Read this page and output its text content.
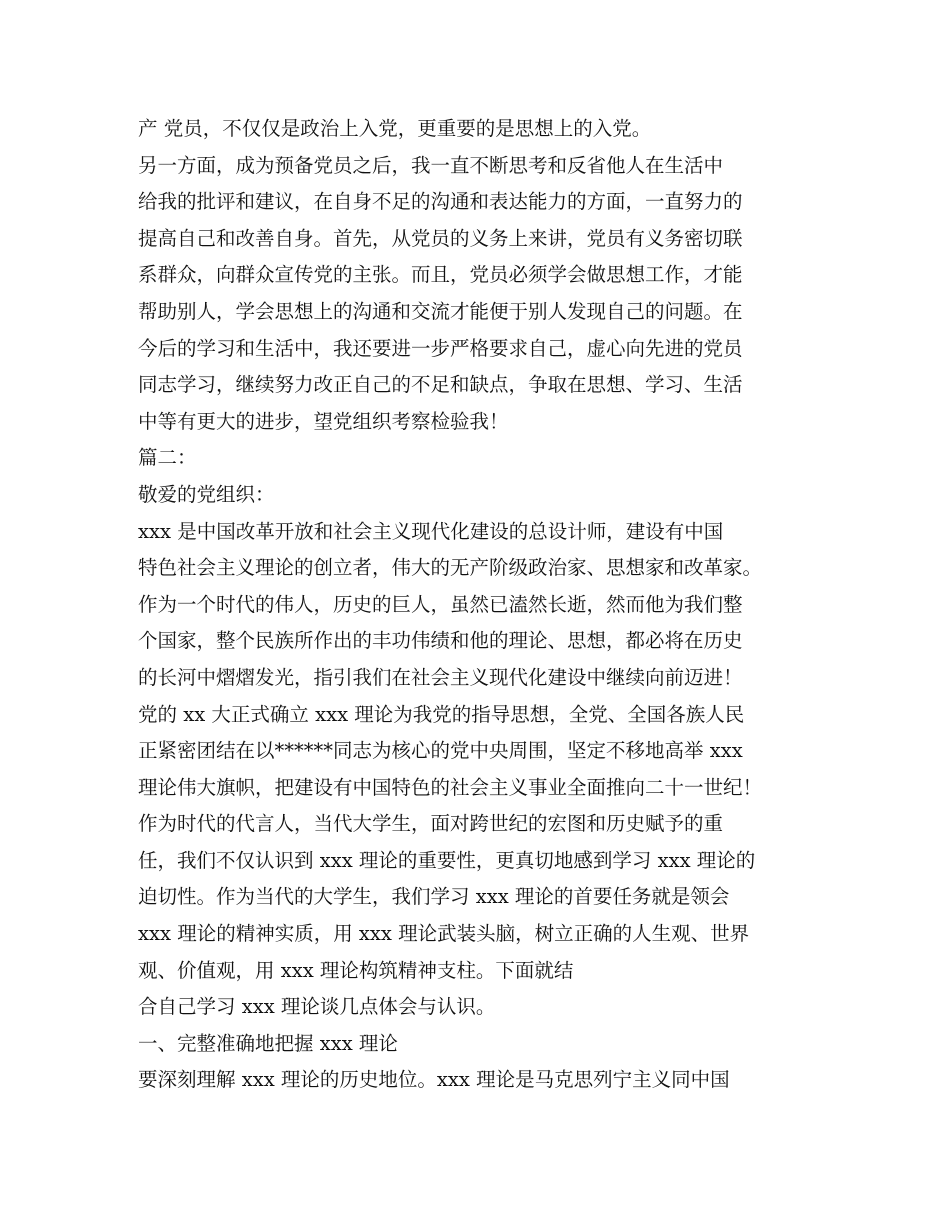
产 党员，不仅仅是政治上入党，更重要的是思想上的入党。
另一方面，成为预备党员之后，我一直不断思考和反省他人在生活中
给我的批评和建议，在自身不足的沟通和表达能力的方面，一直努力的
提高自己和改善自身。首先，从党员的义务上来讲，党员有义务密切联
系群众，向群众宣传党的主张。而且，党员必须学会做思想工作，才能
帮助别人，学会思想上的沟通和交流才能便于别人发现自己的问题。在
今后的学习和生活中，我还要进一步严格要求自己，虚心向先进的党员
同志学习，继续努力改正自己的不足和缺点，争取在思想、学习、生活
中等有更大的进步，望党组织考察检验我！
篇二：
敬爱的党组织：
xxx 是中国改革开放和社会主义现代化建设的总设计师，建设有中国
特色社会主义理论的创立者，伟大的无产阶级政治家、思想家和改革家。
作为一个时代的伟人，历史的巨人，虽然已溘然长逝，然而他为我们整
个国家，整个民族所作出的丰功伟绩和他的理论、思想，都必将在历史
的长河中熠熠发光，指引我们在社会主义现代化建设中继续向前迈进！
党的 xx 大正式确立 xxx 理论为我党的指导思想，全党、全国各族人民
正紧密团结在以******同志为核心的党中央周围，坚定不移地高举 xxx
理论伟大旗帜，把建设有中国特色的社会主义事业全面推向二十一世纪！
作为时代的代言人，当代大学生，面对跨世纪的宏图和历史赋予的重
任，我们不仅认识到 xxx 理论的重要性，更真切地感到学习 xxx 理论的
迫切性。作为当代的大学生，我们学习 xxx 理论的首要任务就是领会
xxx 理论的精神实质，用 xxx 理论武装头脑，树立正确的人生观、世界
观、价值观，用 xxx 理论构筑精神支柱。下面就结
合自己学习 xxx 理论谈几点体会与认识。
一、完整准确地把握 xxx 理论
要深刻理解 xxx 理论的历史地位。xxx 理论是马克思列宁主义同中国
